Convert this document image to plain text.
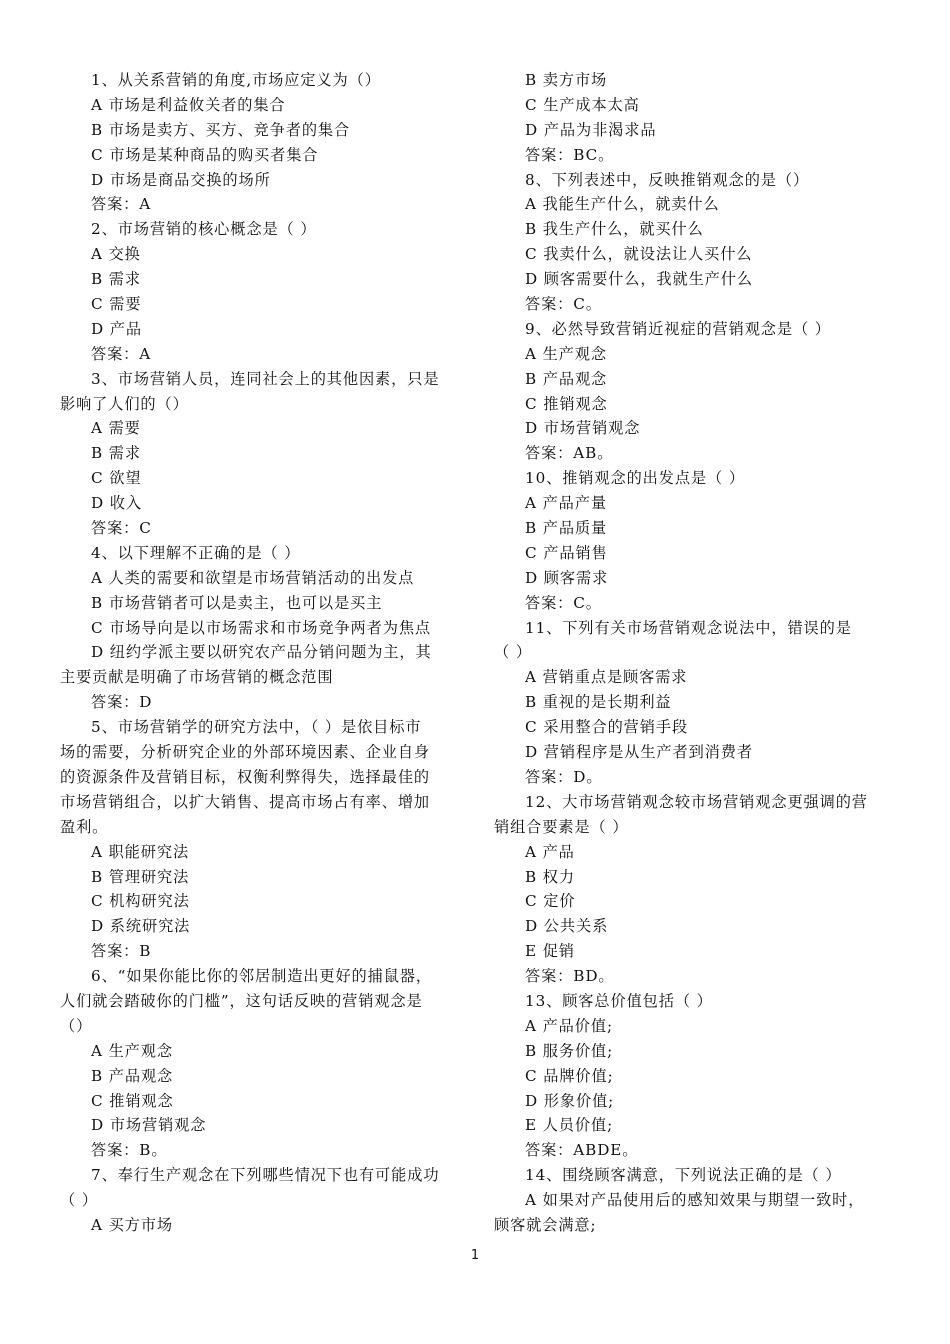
1、从关系营销的角度,市场应定义为（）
A 市场是利益攸关者的集合
B 市场是卖方、买方、竞争者的集合
C 市场是某种商品的购买者集合
D 市场是商品交换的场所
答案：A
2、市场营销的核心概念是（ ）
A 交换
B 需求
C 需要
D 产品
答案：A
3、市场营销人员，连同社会上的其他因素，只是
影响了人们的（）
A 需要
B 需求
C 欲望
D 收入
答案：C
4、以下理解不正确的是（ ）
A 人类的需要和欲望是市场营销活动的出发点
B 市场营销者可以是卖主，也可以是买主
C 市场导向是以市场需求和市场竞争两者为焦点
D 纽约学派主要以研究农产品分销问题为主，其
主要贡献是明确了市场营销的概念范围
答案：D
5、市场营销学的研究方法中，（ ）是依目标市
场的需要，分析研究企业的外部环境因素、企业自身
的资源条件及营销目标，权衡利弊得失，选择最佳的
市场营销组合，以扩大销售、提高市场占有率、增加
盈利。
A 职能研究法
B 管理研究法
C 机构研究法
D 系统研究法
答案：B
6、“如果你能比你的邻居制造出更好的捕鼠器，
人们就会踏破你的门槛”，这句话反映的营销观念是
（）
A 生产观念
B 产品观念
C 推销观念
D 市场营销观念
答案：B。
7、奉行生产观念在下列哪些情况下也有可能成功
（ ）
A 买方市场
B 卖方市场
C 生产成本太高
D 产品为非渴求品
答案：BC。
8、下列表述中，反映推销观念的是（）
A 我能生产什么，就卖什么
B 我生产什么，就买什么
C 我卖什么，就设法让人买什么
D 顾客需要什么，我就生产什么
答案：C。
9、必然导致营销近视症的营销观念是（ ）
A 生产观念
B 产品观念
C 推销观念
D 市场营销观念
答案：AB。
10、推销观念的出发点是（ ）
A 产品产量
B 产品质量
C 产品销售
D 顾客需求
答案：C。
11、下列有关市场营销观念说法中，错误的是
（ ）
A 营销重点是顾客需求
B 重视的是长期利益
C 采用整合的营销手段
D 营销程序是从生产者到消费者
答案：D。
12、大市场营销观念较市场营销观念更强调的营
销组合要素是（ ）
A 产品
B 权力
C 定价
D 公共关系
E 促销
答案：BD。
13、顾客总价值包括（ ）
A 产品价值;
B 服务价值;
C 品牌价值;
D 形象价值;
E 人员价值;
答案：ABDE。
14、围绕顾客满意，下列说法正确的是（ ）
A 如果对产品使用后的感知效果与期望一致时，
顾客就会满意;
1
